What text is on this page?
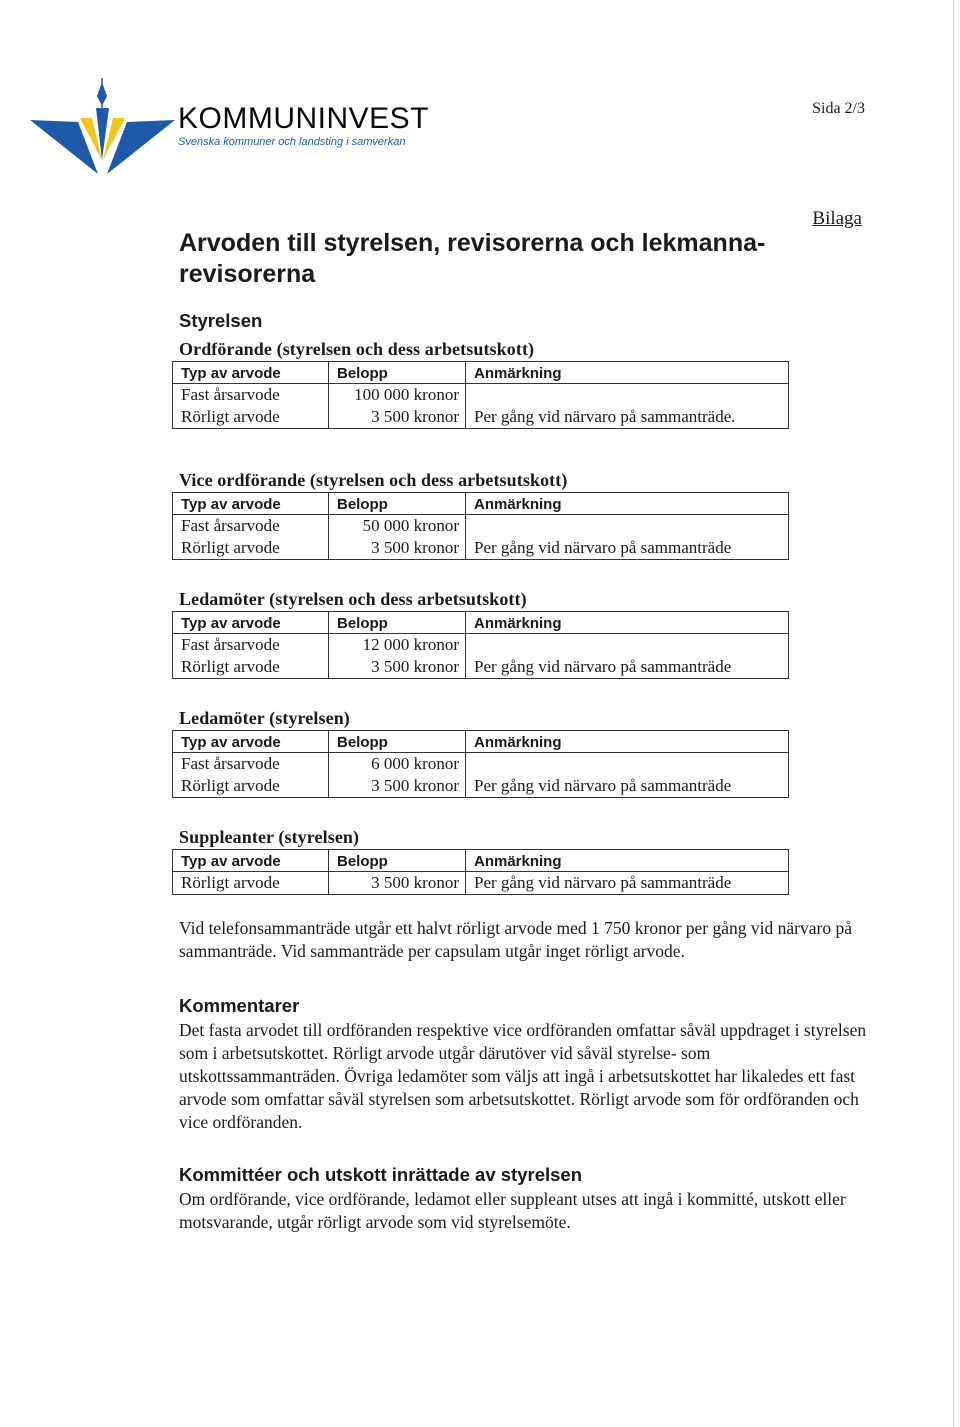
KOMMUNINVEST
Svenska kommuner och landsting i samverkan
Sida 2/3
Bilaga
Arvoden till styrelsen, revisorerna och lekmanna-revisorerna
Styrelsen
Ordförande (styrelsen och dess arbetsutskott)
Typ av arvode	Belopp	Anmärkning
Fast årsarvode	100 000 kronor	
Rörligt arvode	3 500 kronor	Per gång vid närvaro på sammanträde.
Vice ordförande (styrelsen och dess arbetsutskott)
Typ av arvode	Belopp	Anmärkning
Fast årsarvode	50 000 kronor	
Rörligt arvode	3 500 kronor	Per gång vid närvaro på sammanträde
Ledamöter (styrelsen och dess arbetsutskott)
Typ av arvode	Belopp	Anmärkning
Fast årsarvode	12 000 kronor	
Rörligt arvode	3 500 kronor	Per gång vid närvaro på sammanträde
Ledamöter (styrelsen)
Typ av arvode	Belopp	Anmärkning
Fast årsarvode	6 000 kronor	
Rörligt arvode	3 500 kronor	Per gång vid närvaro på sammanträde
Suppleanter (styrelsen)
Typ av arvode	Belopp	Anmärkning
Rörligt arvode	3 500 kronor	Per gång vid närvaro på sammanträde

Vid telefonsammanträde utgår ett halvt rörligt arvode med 1 750 kronor per gång vid närvaro på sammanträde. Vid sammanträde per capsulam utgår inget rörligt arvode.

Kommentarer

Det fasta arvodet till ordföranden respektive vice ordföranden omfattar såväl uppdraget i styrelsen som i arbetsutskottet. Rörligt arvode utgår därutöver vid såväl styrelse- som utskottssammanträden. Övriga ledamöter som väljs att ingå i arbetsutskottet har likaledes ett fast arvode som omfattar såväl styrelsen som arbetsutskottet. Rörligt arvode som för ordföranden och vice ordföranden.

Kommittéer och utskott inrättade av styrelsen

Om ordförande, vice ordförande, ledamot eller suppleant utses att ingå i kommitté, utskott eller motsvarande, utgår rörligt arvode som vid styrelsemöte.
